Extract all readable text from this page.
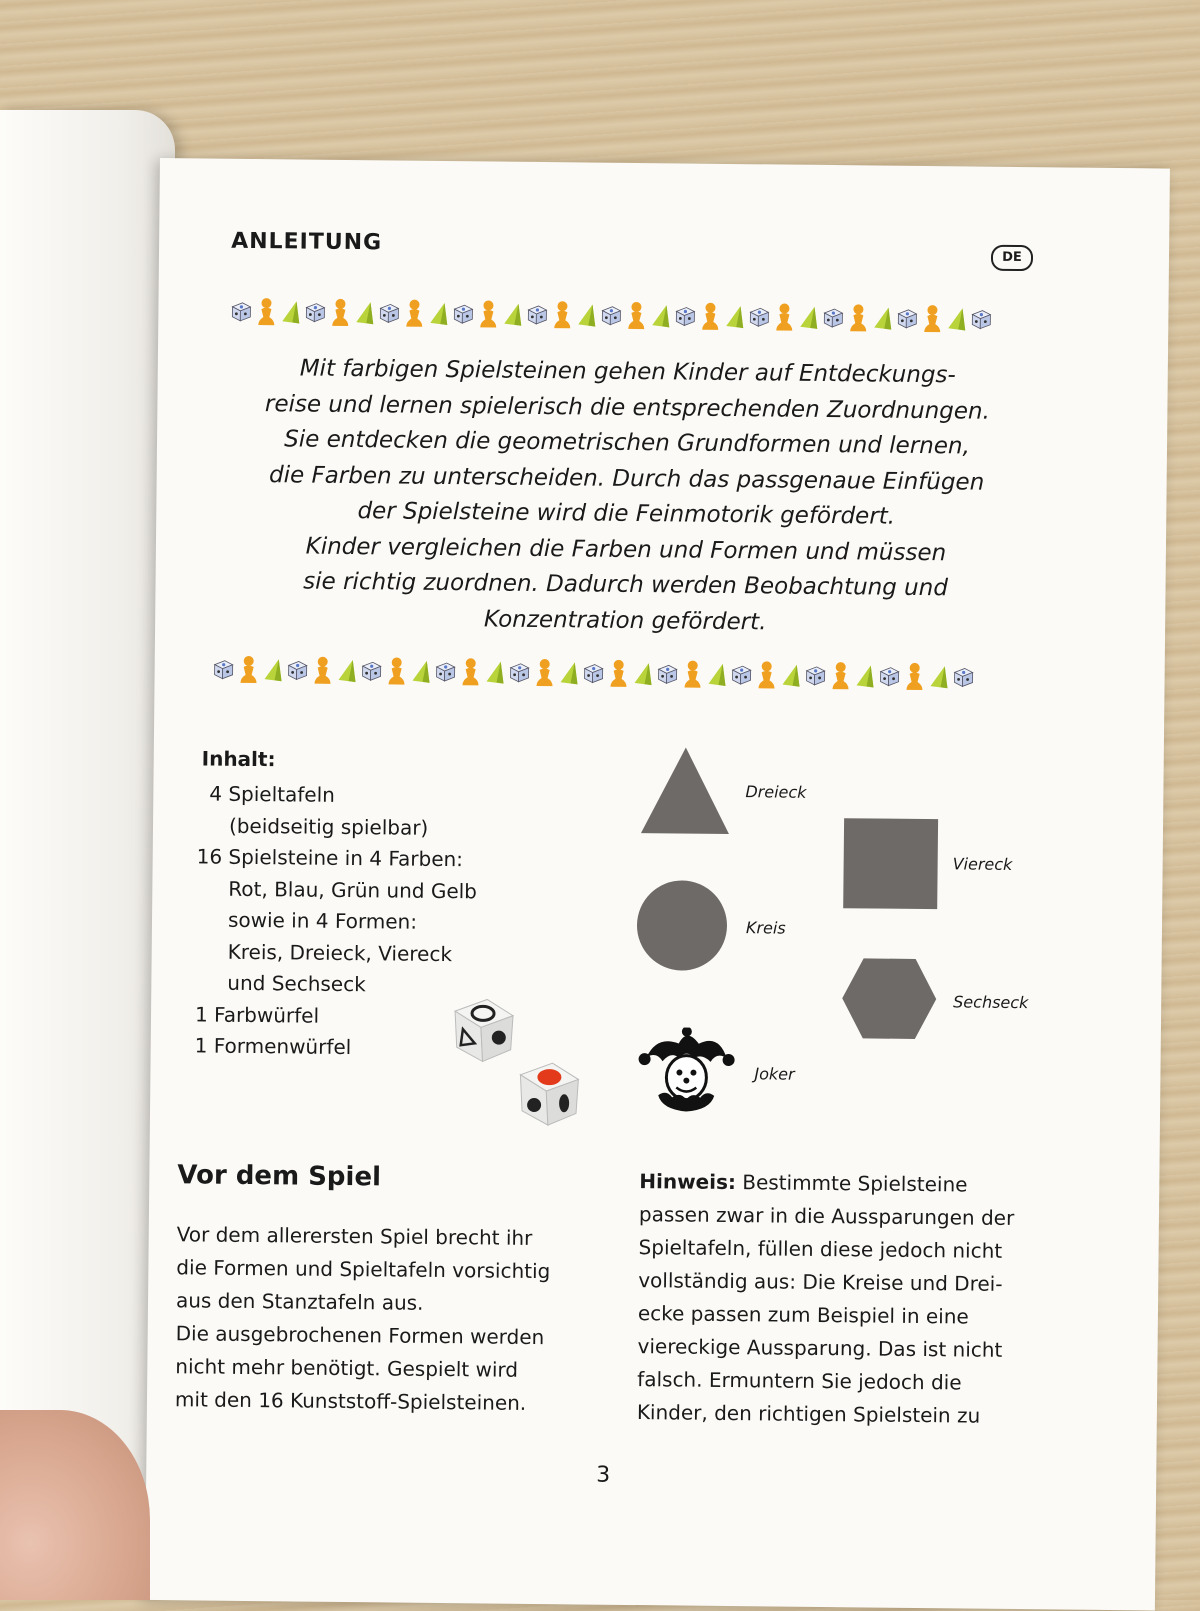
ANLEITUNG
DE
Mit farbigen Spielsteinen gehen Kinder auf Entdeckungs-
reise und lernen spielerisch die entsprechenden Zuordnungen.
Sie entdecken die geometrischen Grundformen und lernen,
die Farben zu unterscheiden. Durch das passgenaue Einfügen
der Spielsteine wird die Feinmotorik gefördert.
Kinder vergleichen die Farben und Formen und müssen
sie richtig zuordnen. Dadurch werden Beobachtung und
Konzentration gefördert.
Inhalt:
4 Spieltafeln
(beidseitig spielbar)
16 Spielsteine in 4 Farben:
Rot, Blau, Grün und Gelb
sowie in 4 Formen:
Kreis, Dreieck, Viereck
und Sechseck
1 Farbwürfel
1 Formenwürfel
Dreieck
Viereck
Kreis
Sechseck
Joker
Vor dem Spiel
Vor dem allerersten Spiel brecht ihr
die Formen und Spieltafeln vorsichtig
aus den Stanztafeln aus.
Die ausgebrochenen Formen werden
nicht mehr benötigt. Gespielt wird
mit den 16 Kunststoff-Spielsteinen.
Hinweis: Bestimmte Spielsteine
passen zwar in die Aussparungen der
Spieltafeln, füllen diese jedoch nicht
vollständig aus: Die Kreise und Drei-
ecke passen zum Beispiel in eine
viereckige Aussparung. Das ist nicht
falsch. Ermuntern Sie jedoch die
Kinder, den richtigen Spielstein zu
3
